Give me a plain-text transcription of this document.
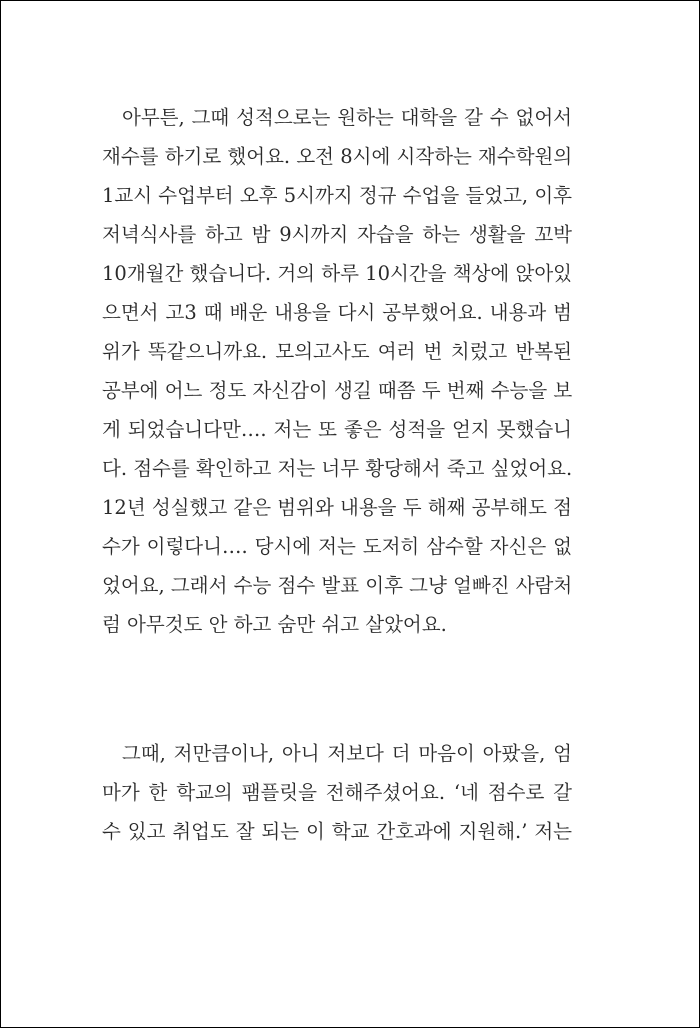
아무튼, 그때 성적으로는 원하는 대학을 갈 수 없어서
재수를 하기로 했어요. 오전 8시에 시작하는 재수학원의
1교시 수업부터 오후 5시까지 정규 수업을 들었고, 이후
저녁식사를 하고 밤 9시까지 자습을 하는 생활을 꼬박
10개월간 했습니다. 거의 하루 10시간을 책상에 앉아있
으면서 고3 때 배운 내용을 다시 공부했어요. 내용과 범
위가 똑같으니까요. 모의고사도 여러 번 치렀고 반복된
공부에 어느 정도 자신감이 생길 때쯤 두 번째 수능을 보
게 되었습니다만…. 저는 또 좋은 성적을 얻지 못했습니
다. 점수를 확인하고 저는 너무 황당해서 죽고 싶었어요.
12년 성실했고 같은 범위와 내용을 두 해째 공부해도 점
수가 이렇다니…. 당시에 저는 도저히 삼수할 자신은 없
었어요, 그래서 수능 점수 발표 이후 그냥 얼빠진 사람처
럼 아무것도 안 하고 숨만 쉬고 살았어요.
그때, 저만큼이나, 아니 저보다 더 마음이 아팠을, 엄
마가 한 학교의 팸플릿을 전해주셨어요. ‘네 점수로 갈
수 있고 취업도 잘 되는 이 학교 간호과에 지원해.’ 저는
